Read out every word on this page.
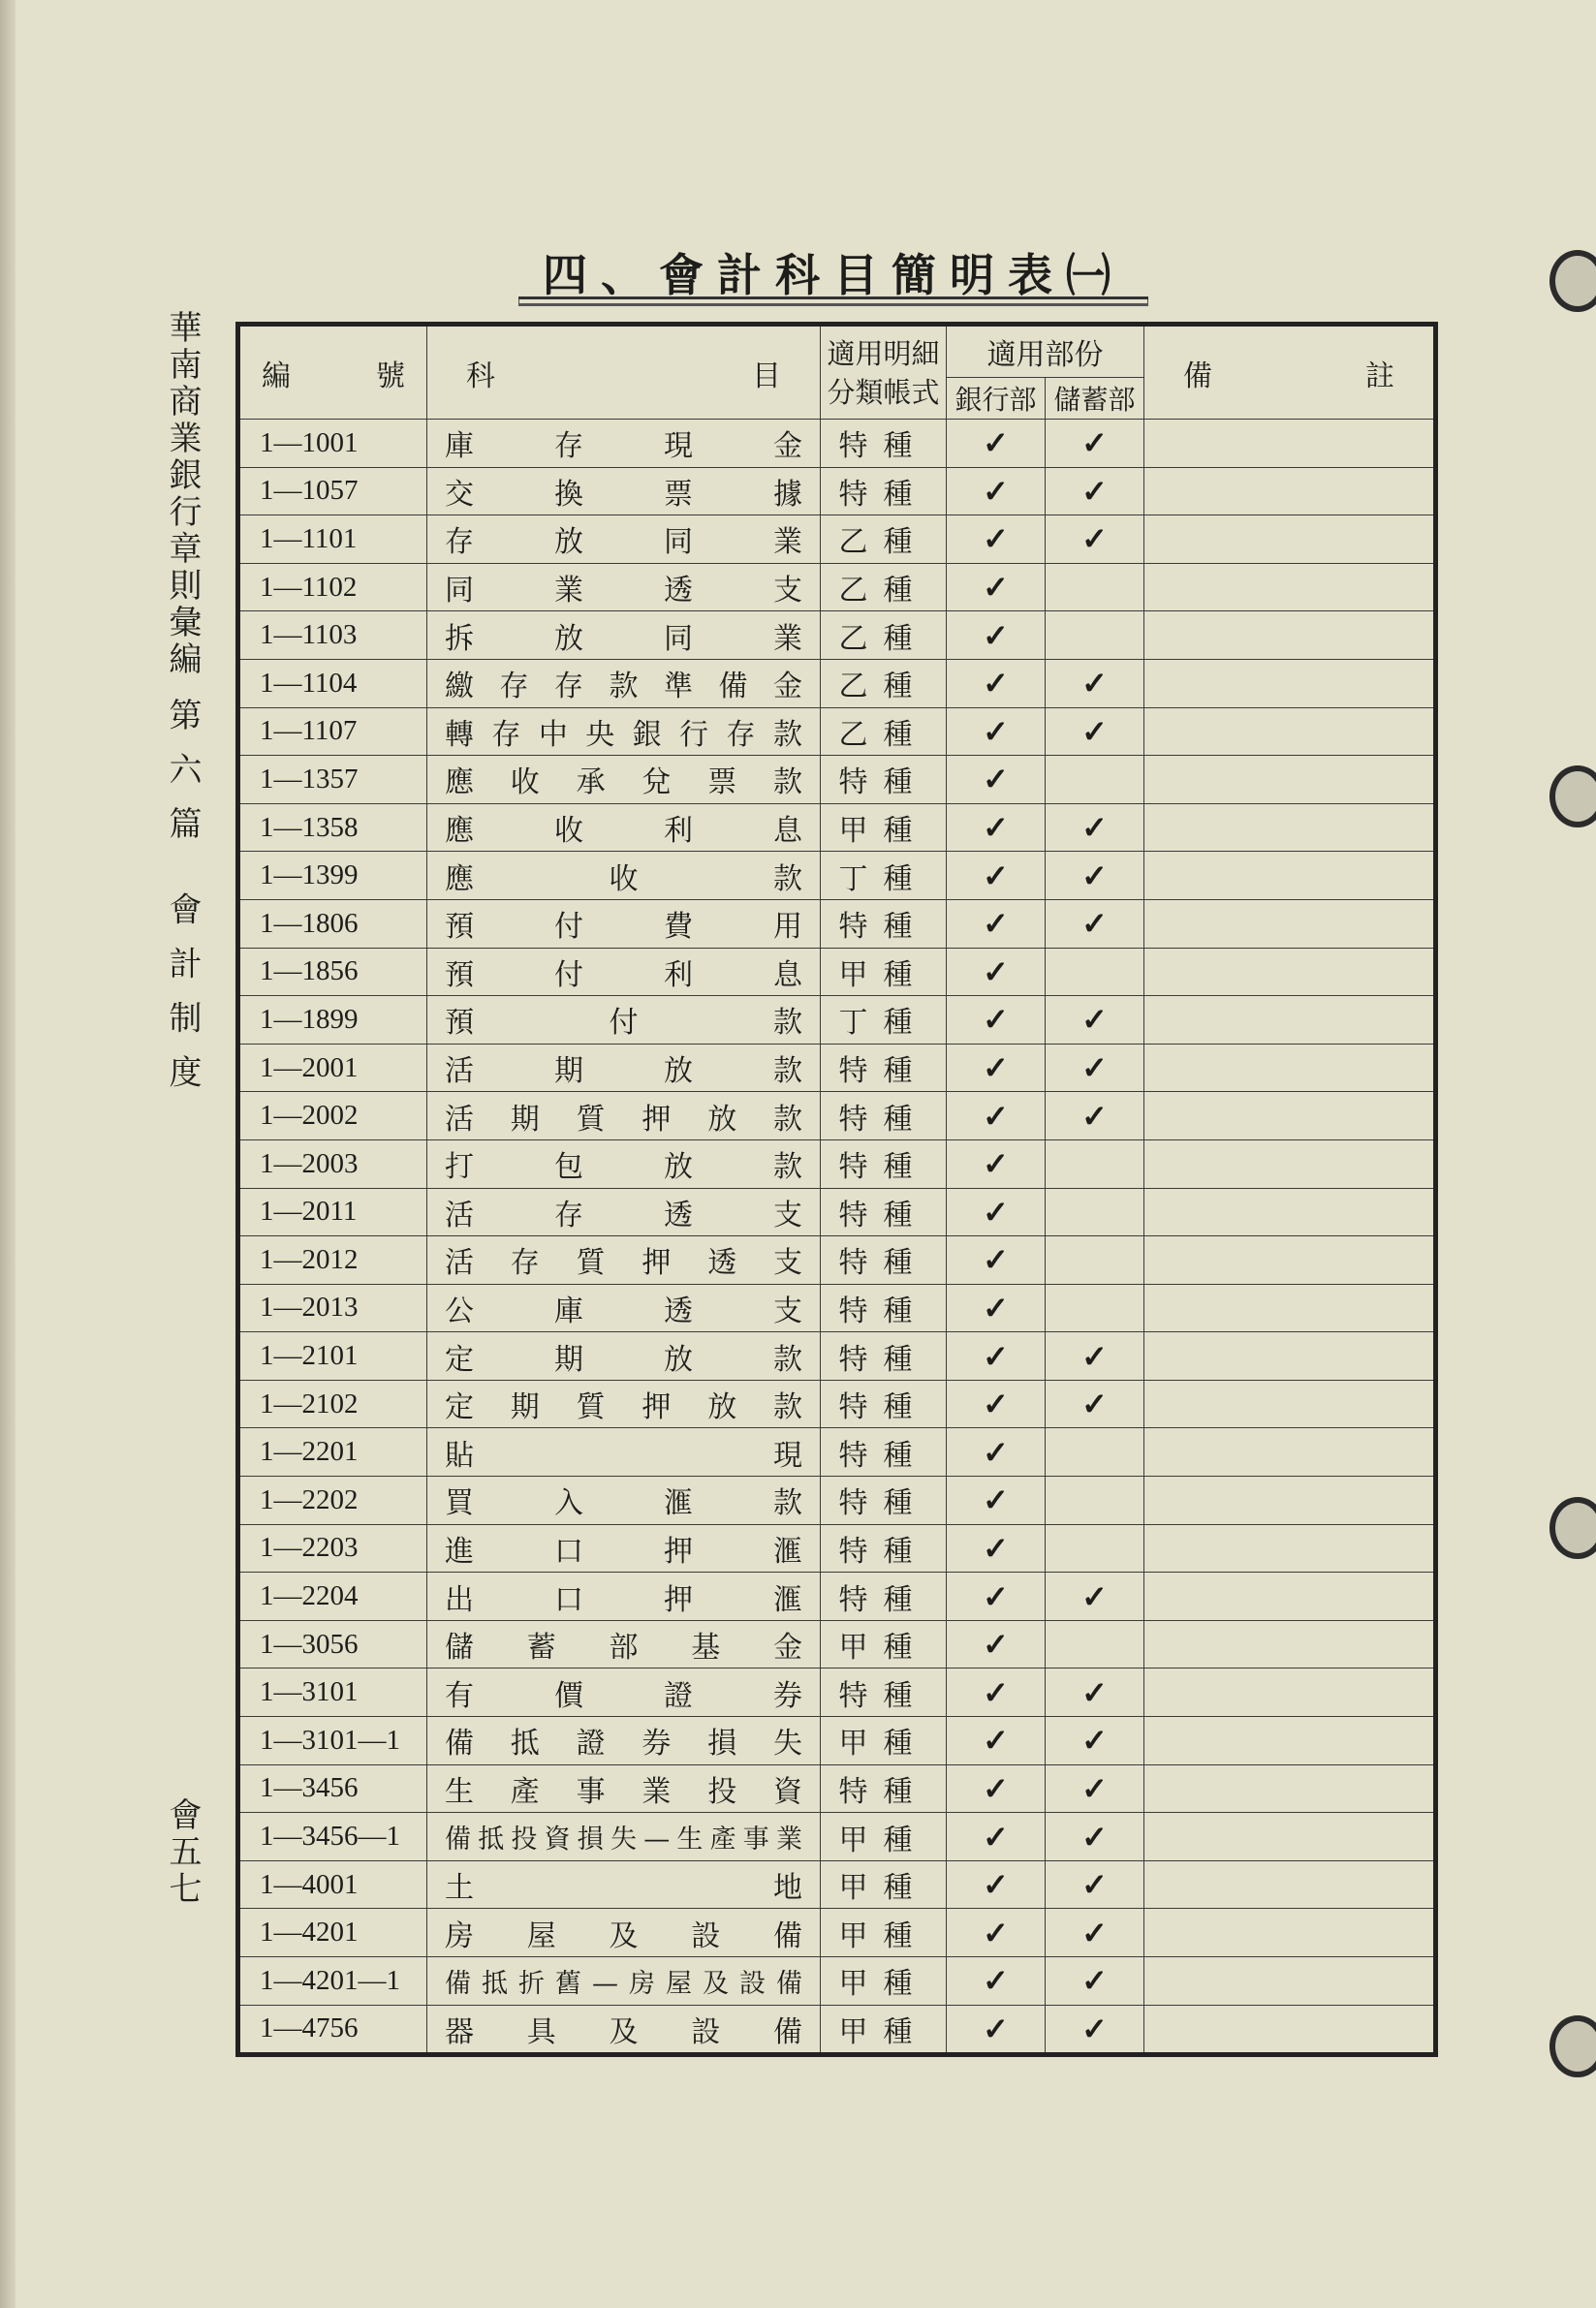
華南商業銀行章則彙編
第六篇 會計制度
會五七
四、會計科目簡明表㈠
編 號	科 目	適用明細分類帳式	適用部份		備 註
			銀行部	儲蓄部	
1—1001	庫 存 現 金	特種	✓	✓	
1—1057	交 換 票 據	特種	✓	✓	
1—1101	存 放 同 業	乙種	✓	✓	
1—1102	同 業 透 支	乙種	✓		
1—1103	拆 放 同 業	乙種	✓		
1—1104	繳 存 存 款 準 備 金	乙種	✓	✓	
1—1107	轉 存 中 央 銀 行 存 款	乙種	✓	✓	
1—1357	應 收 承 兌 票 款	特種	✓		
1—1358	應 收 利 息	甲種	✓	✓	
1—1399	應 收 款	丁種	✓	✓	
1—1806	預 付 費 用	特種	✓	✓	
1—1856	預 付 利 息	甲種	✓		
1—1899	預 付 款	丁種	✓	✓	
1—2001	活 期 放 款	特種	✓	✓	
1—2002	活 期 質 押 放 款	特種	✓	✓	
1—2003	打 包 放 款	特種	✓		
1—2011	活 存 透 支	特種	✓		
1—2012	活 存 質 押 透 支	特種	✓		
1—2013	公 庫 透 支	特種	✓		
1—2101	定 期 放 款	特種	✓	✓	
1—2102	定 期 質 押 放 款	特種	✓	✓	
1—2201	貼 現	特種	✓		
1—2202	買 入 滙 款	特種	✓		
1—2203	進 口 押 滙	特種	✓		
1—2204	出 口 押 滙	特種	✓	✓	
1—3056	儲 蓄 部 基 金	甲種	✓		
1—3101	有 價 證 券	特種	✓	✓	
1—3101—1	備 抵 證 券 損 失	甲種	✓	✓	
1—3456	生 產 事 業 投 資	特種	✓	✓	
1—3456—1	備抵投資損失—生產事業	甲種	✓	✓	
1—4001	土 地	甲種	✓	✓	
1—4201	房 屋 及 設 備	甲種	✓	✓	
1—4201—1	備抵折舊—房屋及設備	甲種	✓	✓	
1—4756	器 具 及 設 備	甲種	✓	✓	
